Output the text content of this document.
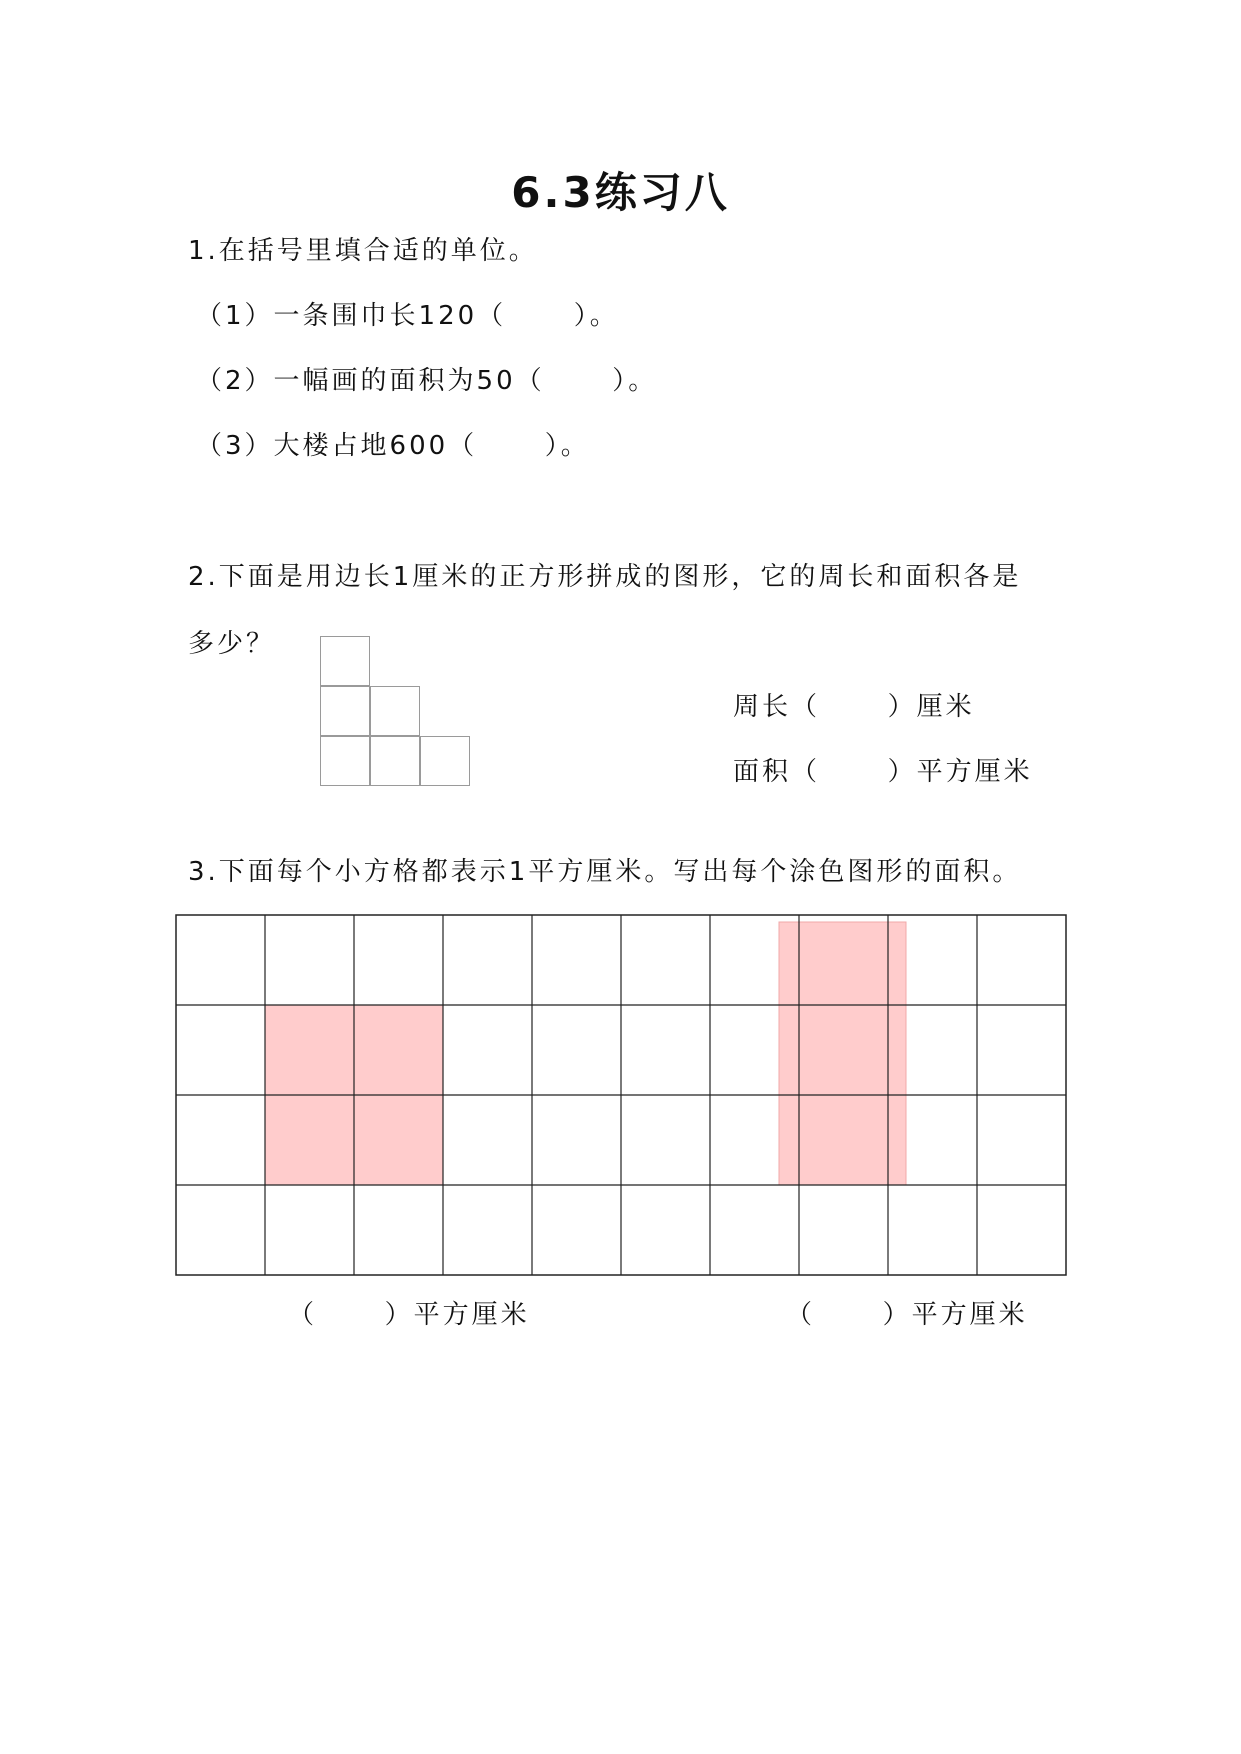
6.3练习八
1.在括号里填合适的单位。
（1）一条围巾长120（      ）。
（2）一幅画的面积为50（      ）。
（3）大楼占地600（      ）。
2.下面是用边长1厘米的正方形拼成的图形，它的周长和面积各是
多少？
周长（      ）厘米
面积（      ）平方厘米
3.下面每个小方格都表示1平方厘米。写出每个涂色图形的面积。
（      ）平方厘米	（      ）平方厘米
